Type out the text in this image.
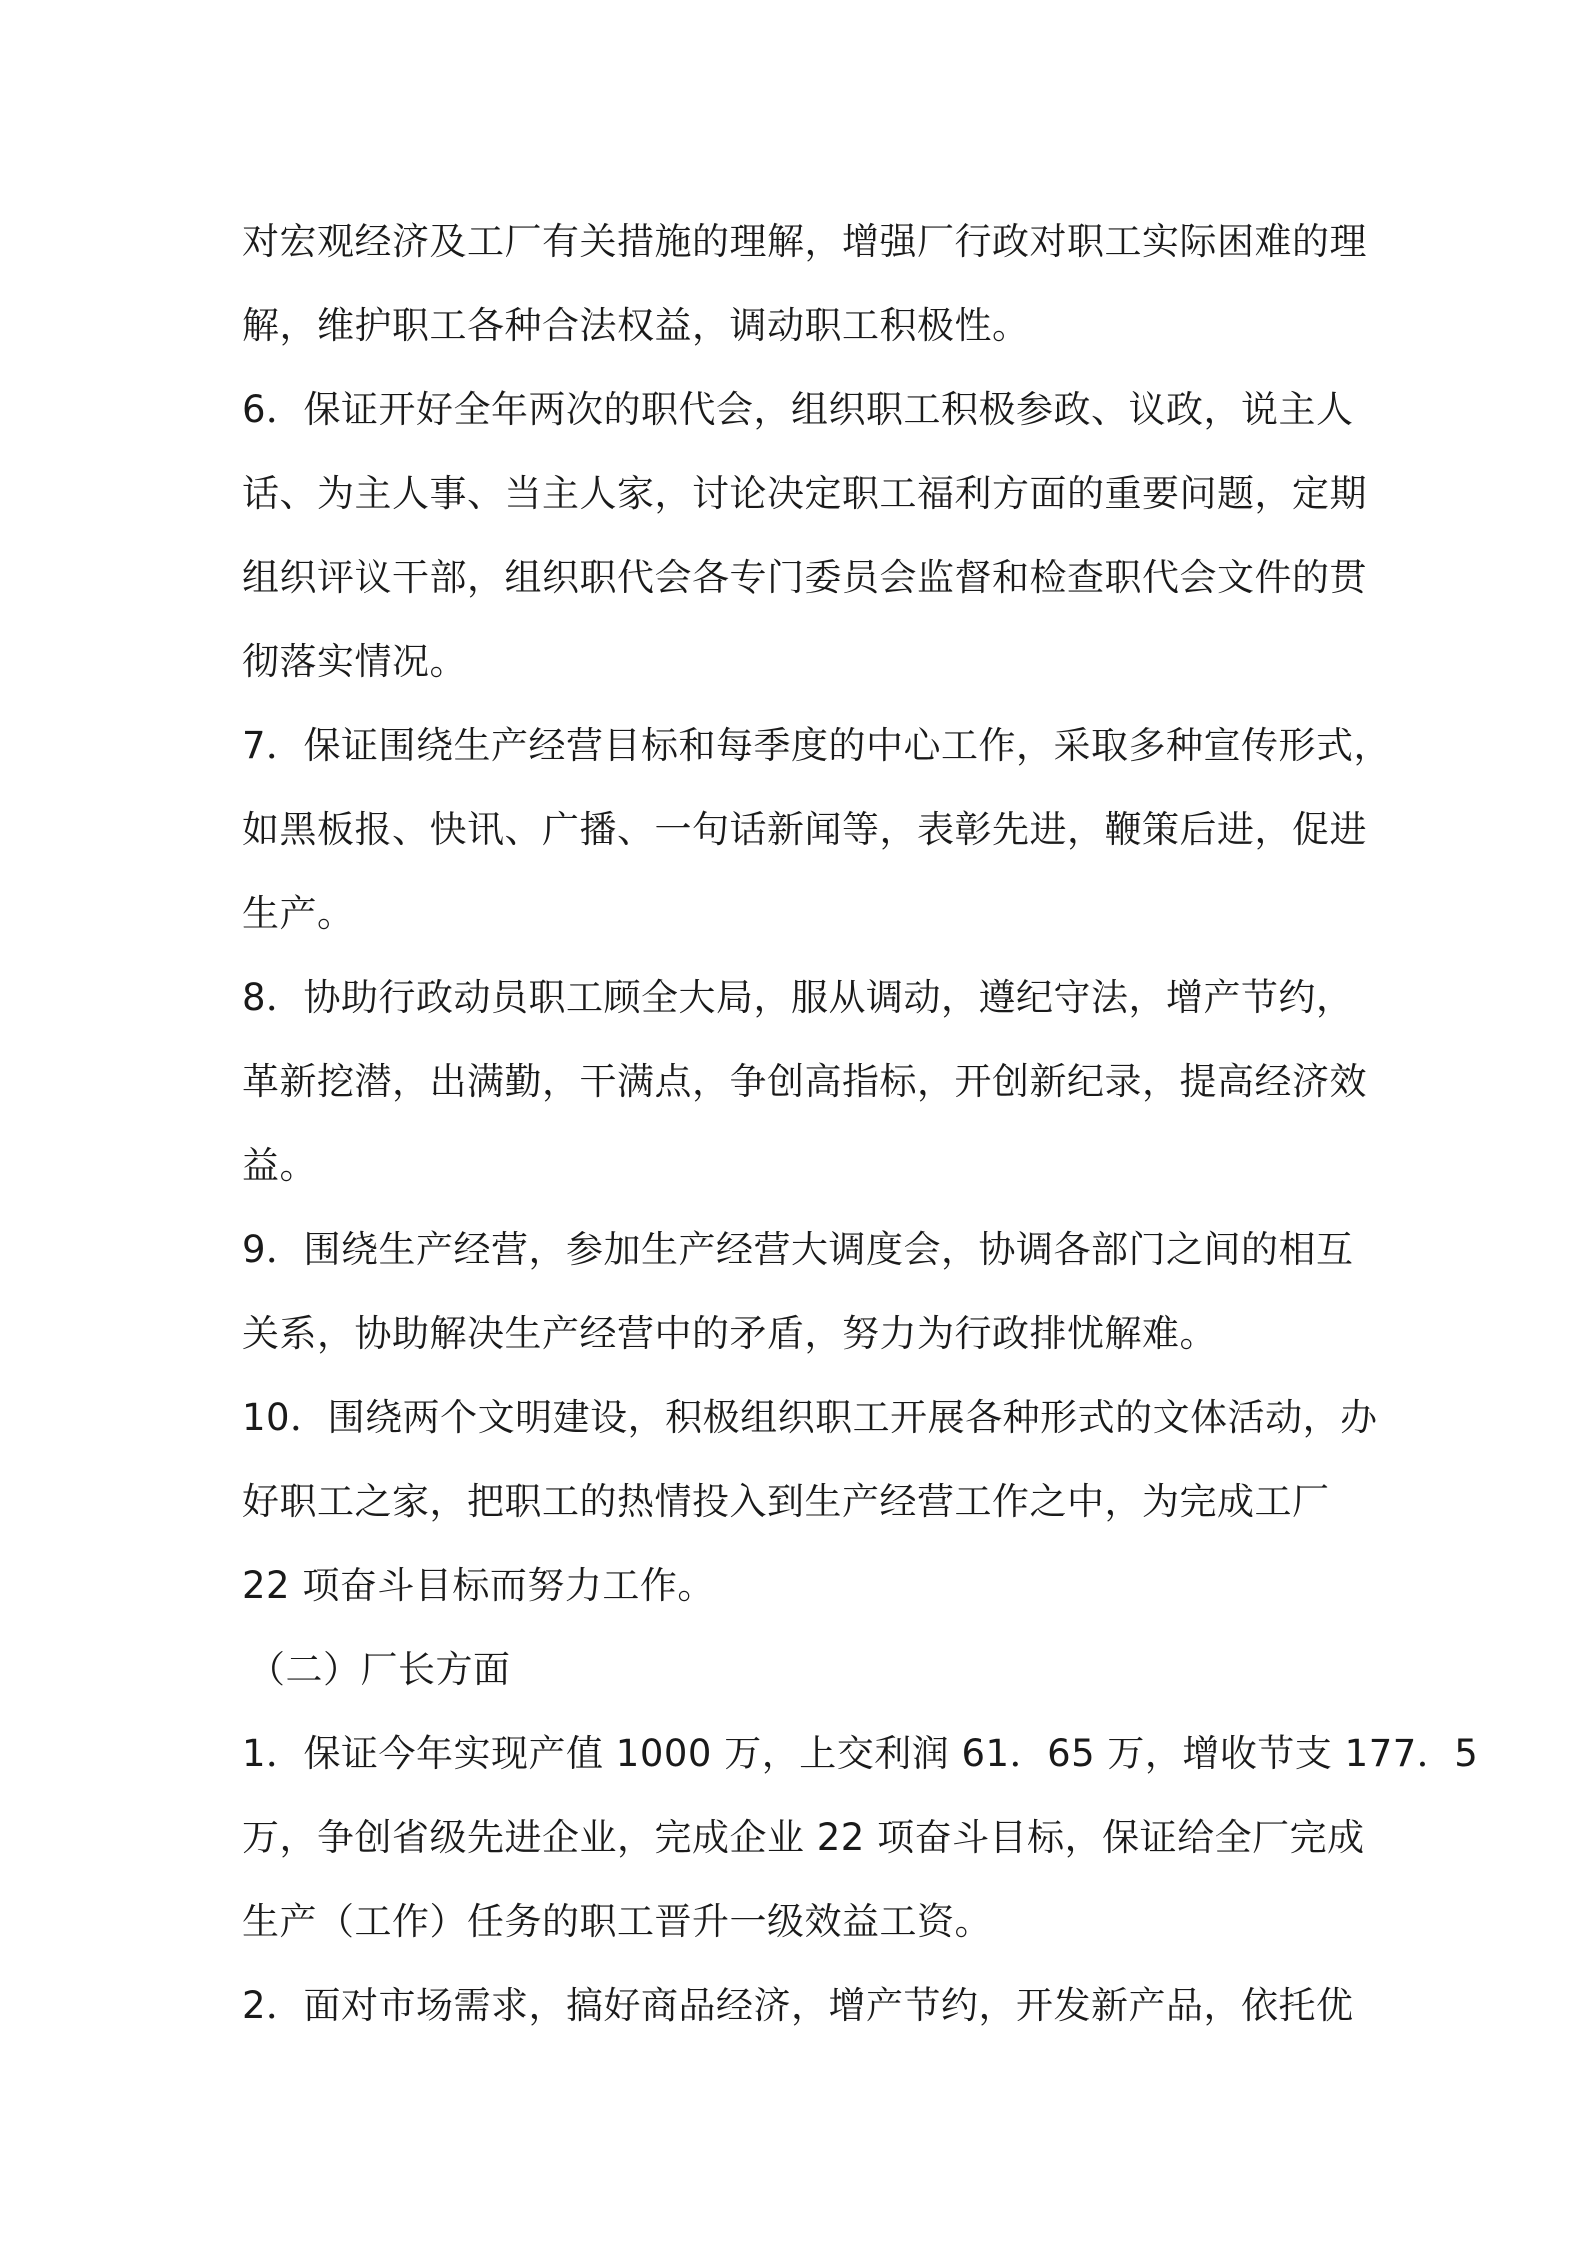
对宏观经济及工厂有关措施的理解，增强厂行政对职工实际困难的理
解，维护职工各种合法权益，调动职工积极性。

6．保证开好全年两次的职代会，组织职工积极参政、议政，说主人
话、为主人事、当主人家，讨论决定职工福利方面的重要问题，定期
组织评议干部，组织职代会各专门委员会监督和检查职代会文件的贯
彻落实情况。

7．保证围绕生产经营目标和每季度的中心工作，采取多种宣传形式，
如黑板报、快讯、广播、一句话新闻等，表彰先进，鞭策后进，促进
生产。

8．协助行政动员职工顾全大局，服从调动，遵纪守法，增产节约，
革新挖潜，出满勤，干满点，争创高指标，开创新纪录，提高经济效
益。

9．围绕生产经营，参加生产经营大调度会，协调各部门之间的相互
关系，协助解决生产经营中的矛盾，努力为行政排忧解难。

10．围绕两个文明建设，积极组织职工开展各种形式的文体活动，办
好职工之家，把职工的热情投入到生产经营工作之中，为完成工厂
22 项奋斗目标而努力工作。

（二）厂长方面

1．保证今年实现产值 1000 万，上交利润 61．65 万，增收节支 177．5
万，争创省级先进企业，完成企业 22 项奋斗目标，保证给全厂完成
生产（工作）任务的职工晋升一级效益工资。

2．面对市场需求，搞好商品经济，增产节约，开发新产品，依托优
